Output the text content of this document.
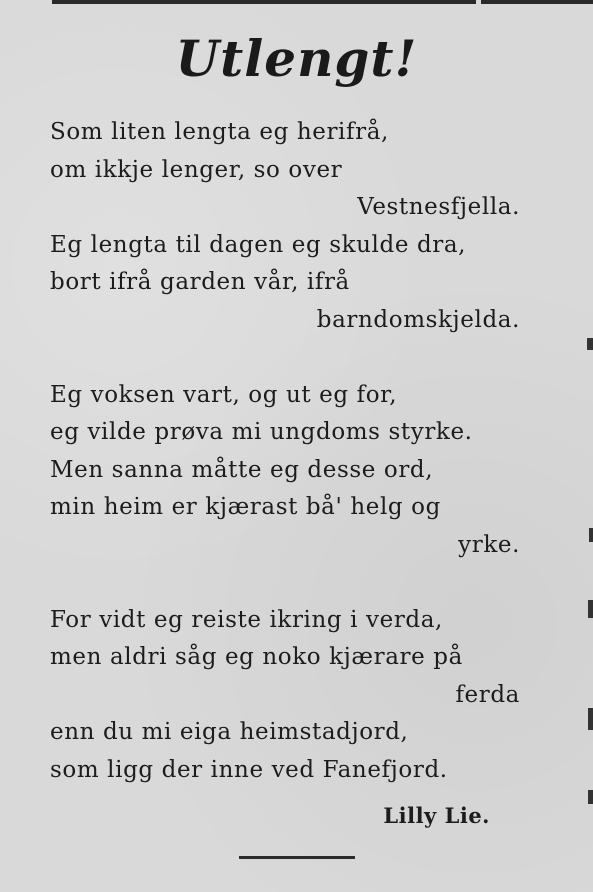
Utlengt!

Som liten lengta eg herifrå,
om ikkje lenger, so over
Vestnesfjella.
Eg lengta til dagen eg skulde dra,
bort ifrå garden vår, ifrå
barndomskjelda.

Eg voksen vart, og ut eg for,
eg vilde prøva mi ungdoms styrke.
Men sanna måtte eg desse ord,
min heim er kjærast bå' helg og
yrke.

For vidt eg reiste ikring i verda,
men aldri såg eg noko kjærare på
ferda
enn du mi eiga heimstadjord,
som ligg der inne ved Fanefjord.

Lilly Lie.
